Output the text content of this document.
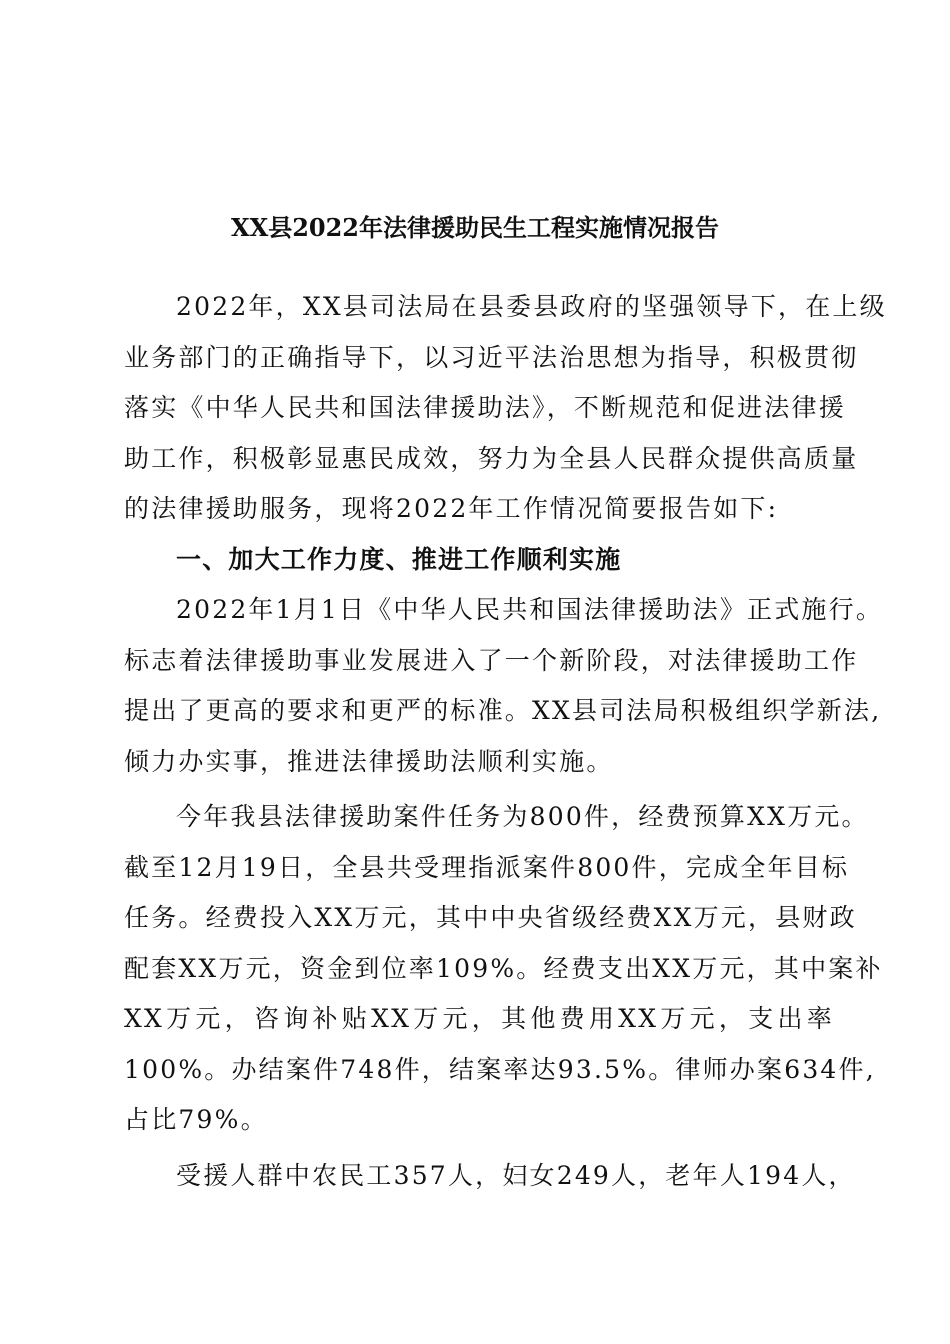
XX县2022年法律援助民生工程实施情况报告
2022年，XX县司法局在县委县政府的坚强领导下，在上级
业务部门的正确指导下，以习近平法治思想为指导，积极贯彻
落实《中华人民共和国法律援助法》，不断规范和促进法律援
助工作，积极彰显惠民成效，努力为全县人民群众提供高质量
的法律援助服务，现将2022年工作情况简要报告如下:
一、加大工作力度、推进工作顺利实施
2022年1月1日《中华人民共和国法律援助法》正式施行。
标志着法律援助事业发展进入了一个新阶段，对法律援助工作
提出了更高的要求和更严的标准。XX县司法局积极组织学新法,
倾力办实事，推进法律援助法顺利实施。
今年我县法律援助案件任务为800件，经费预算XX万元。
截至12月19日，全县共受理指派案件800件，完成全年目标
任务。经费投入XX万元，其中中央省级经费XX万元，县财政
配套XX万元，资金到位率109%。经费支出XX万元，其中案补
XX万元，咨询补贴XX万元，其他费用XX万元，支出率
100%。办结案件748件，结案率达93.5%。律师办案634件,
占比79%。
受援人群中农民工357人，妇女249人，老年人194人，
